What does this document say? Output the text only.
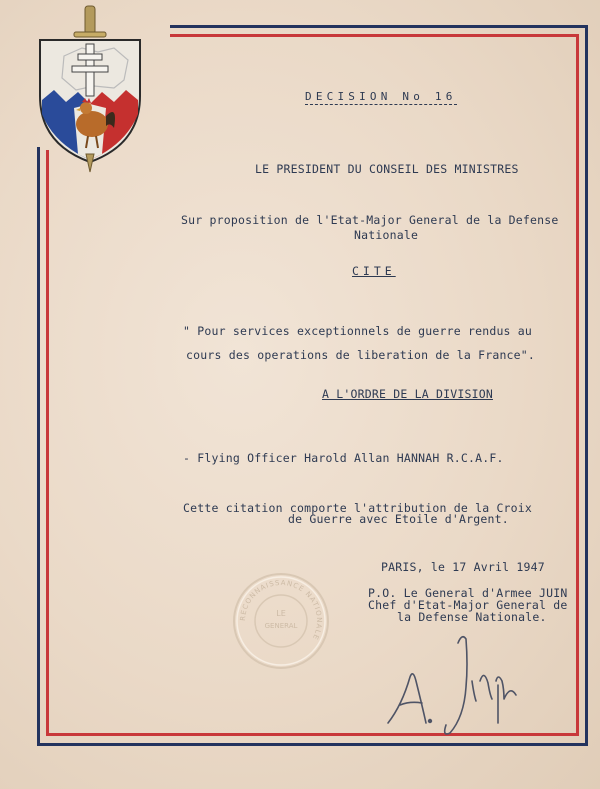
DECISION No 16
LE PRESIDENT DU CONSEIL DES MINISTRES
Sur proposition de l'Etat-Major General de la Defense
Nationale
CITE
" Pour services exceptionnels de guerre rendus au
cours des operations de liberation de la France".
A L'ORDRE DE LA DIVISION
- Flying Officer Harold Allan HANNAH R.C.A.F.
Cette citation comporte l'attribution de la Croix
de Guerre avec Etoile d'Argent.
PARIS, le 17 Avril 1947
P.O. Le General d'Armee JUIN
Chef d'Etat-Major General de
la Defense Nationale.
RECONNAISSANCE NATIONALE
LE
GENERAL
